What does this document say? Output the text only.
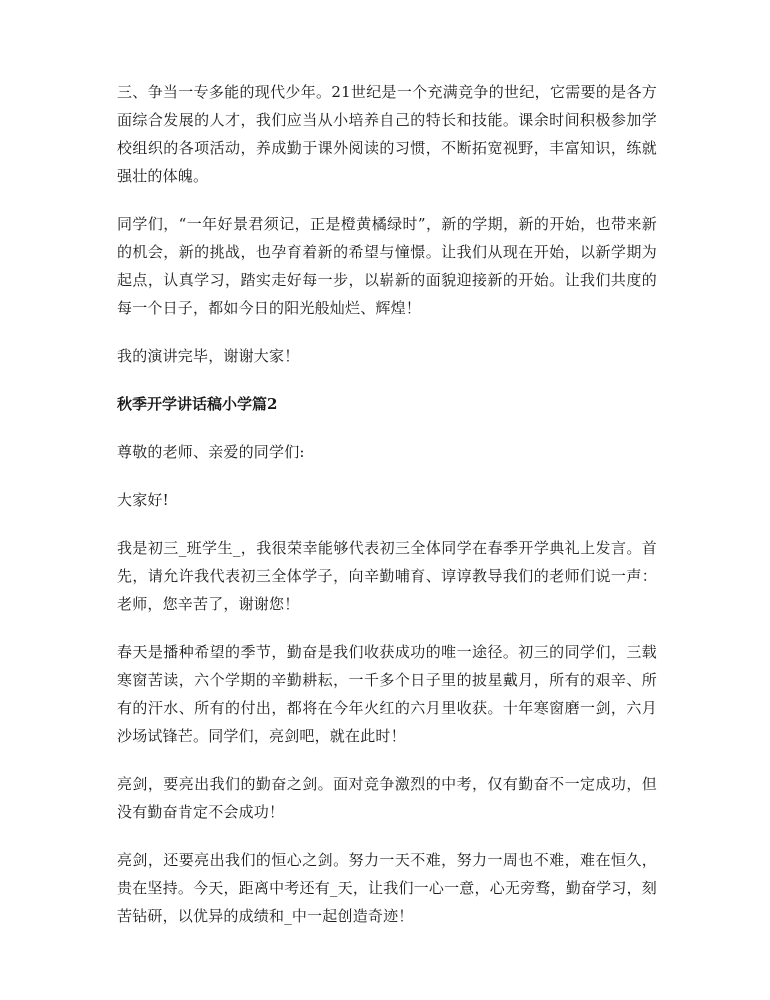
三、争当一专多能的现代少年。21世纪是一个充满竞争的世纪，它需要的是各方面综合发展的人才，我们应当从小培养自己的特长和技能。课余时间积极参加学校组织的各项活动，养成勤于课外阅读的习惯，不断拓宽视野，丰富知识，练就强壮的体魄。

同学们，“一年好景君须记，正是橙黄橘绿时”，新的学期，新的开始，也带来新的机会，新的挑战，也孕育着新的希望与憧憬。让我们从现在开始，以新学期为起点，认真学习，踏实走好每一步，以崭新的面貌迎接新的开始。让我们共度的每一个日子，都如今日的阳光般灿烂、辉煌！

我的演讲完毕，谢谢大家！

秋季开学讲话稿小学篇2

尊敬的老师、亲爱的同学们:

大家好!

我是初三_班学生_，我很荣幸能够代表初三全体同学在春季开学典礼上发言。首先，请允许我代表初三全体学子，向辛勤哺育、谆谆教导我们的老师们说一声：老师，您辛苦了，谢谢您！

春天是播种希望的季节，勤奋是我们收获成功的唯一途径。初三的同学们，三载寒窗苦读，六个学期的辛勤耕耘，一千多个日子里的披星戴月，所有的艰辛、所有的汗水、所有的付出，都将在今年火红的六月里收获。十年寒窗磨一剑，六月沙场试锋芒。同学们，亮剑吧，就在此时！

亮剑，要亮出我们的勤奋之剑。面对竞争激烈的中考，仅有勤奋不一定成功，但没有勤奋肯定不会成功！

亮剑，还要亮出我们的恒心之剑。努力一天不难，努力一周也不难，难在恒久，贵在坚持。今天，距离中考还有_天，让我们一心一意，心无旁骛，勤奋学习，刻苦钻研，以优异的成绩和_中一起创造奇迹！
